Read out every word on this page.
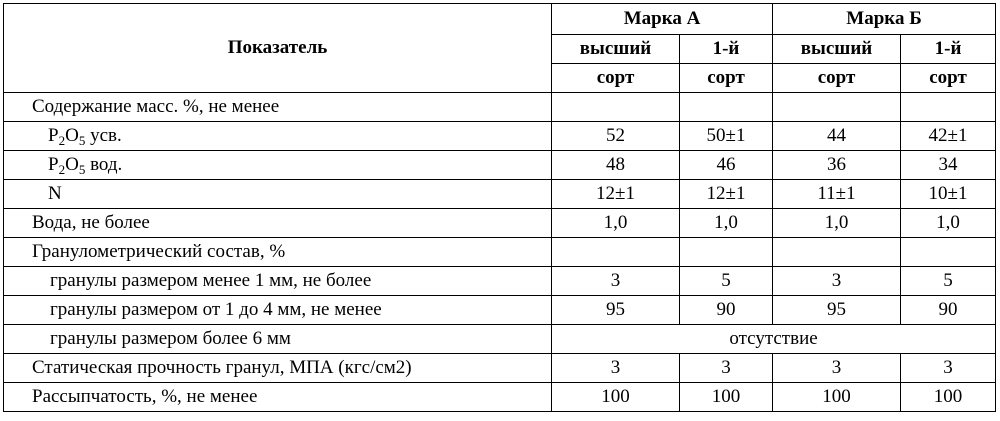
Показатель	Марка А		Марка Б	
	высший	1-й	высший	1-й
	сорт	сорт	сорт	сорт
Содержание масс. %, не менее				
$P_2O_5$ усв.	52	50±1	44	42±1
$P_2O_5$ вод.	48	46	36	34
N	12±1	12±1	11±1	10±1
Вода, не более	1,0	1,0	1,0	1,0
Гранулометрический состав, %				
гранулы размером менее 1 мм, не более	3	5	3	5
гранулы размером от 1 до 4 мм, не менее	95	90	95	90
гранулы размером более 6 мм	отсутствие			
Статическая прочность гранул, МПА (кгс/см2)	3	3	3	3
Рассыпчатость, %, не менее	100	100	100	100
